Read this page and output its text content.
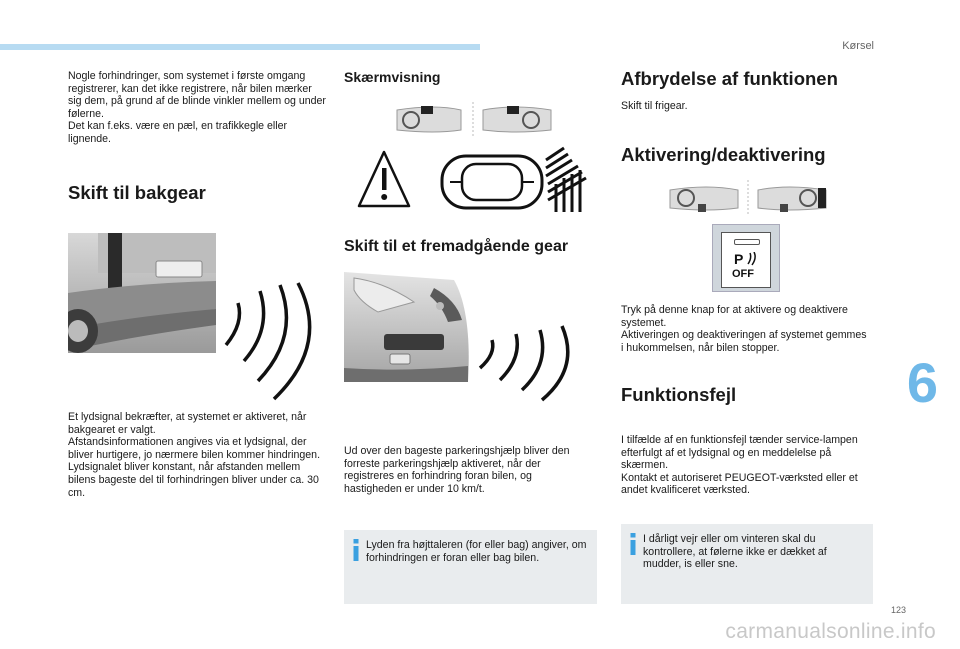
Kørsel
6
123
carmanualsonline.info

Nogle forhindringer, som systemet i første omgang registrerer, kan det ikke registrere, når bilen mærker sig dem, på grund af de blinde vinkler mellem og under følerne.

Det kan f.eks. være en pæl, en trafikkegle eller lignende.

Skift til bakgear

Et lydsignal bekræfter, at systemet er aktiveret, når bakgearet er valgt.

Afstandsinformationen angives via et lydsignal, der bliver hurtigere, jo nærmere bilen kommer hindringen.

Lydsignalet bliver konstant, når afstanden mellem bilens bageste del til forhindringen bliver under ca. 30 cm.

Skærmvisning
Skift til et fremadgående gear

Ud over den bageste parkeringshjælp bliver den forreste parkeringshjælp aktiveret, når der registreres en forhindring foran bilen, og hastigheden er under 10 km/t.

Lyden fra højttaleren (for eller bag) angiver, om forhindringen er foran eller bag bilen.
Afbrydelse af funktionen
Skift til frigear.
Aktivering/deaktivering
P
OFF

Tryk på denne knap for at aktivere og deaktivere systemet.

Aktiveringen og deaktiveringen af systemet gemmes i hukommelsen, når bilen stopper.

Funktionsfejl

I tilfælde af en funktionsfejl tænder service-lampen efterfulgt af et lydsignal og en meddelelse på skærmen.

Kontakt et autoriseret PEUGEOT-værksted eller et andet kvalificeret værksted.

I dårligt vejr eller om vinteren skal du kontrollere, at følerne ikke er dækket af mudder, is eller sne.
